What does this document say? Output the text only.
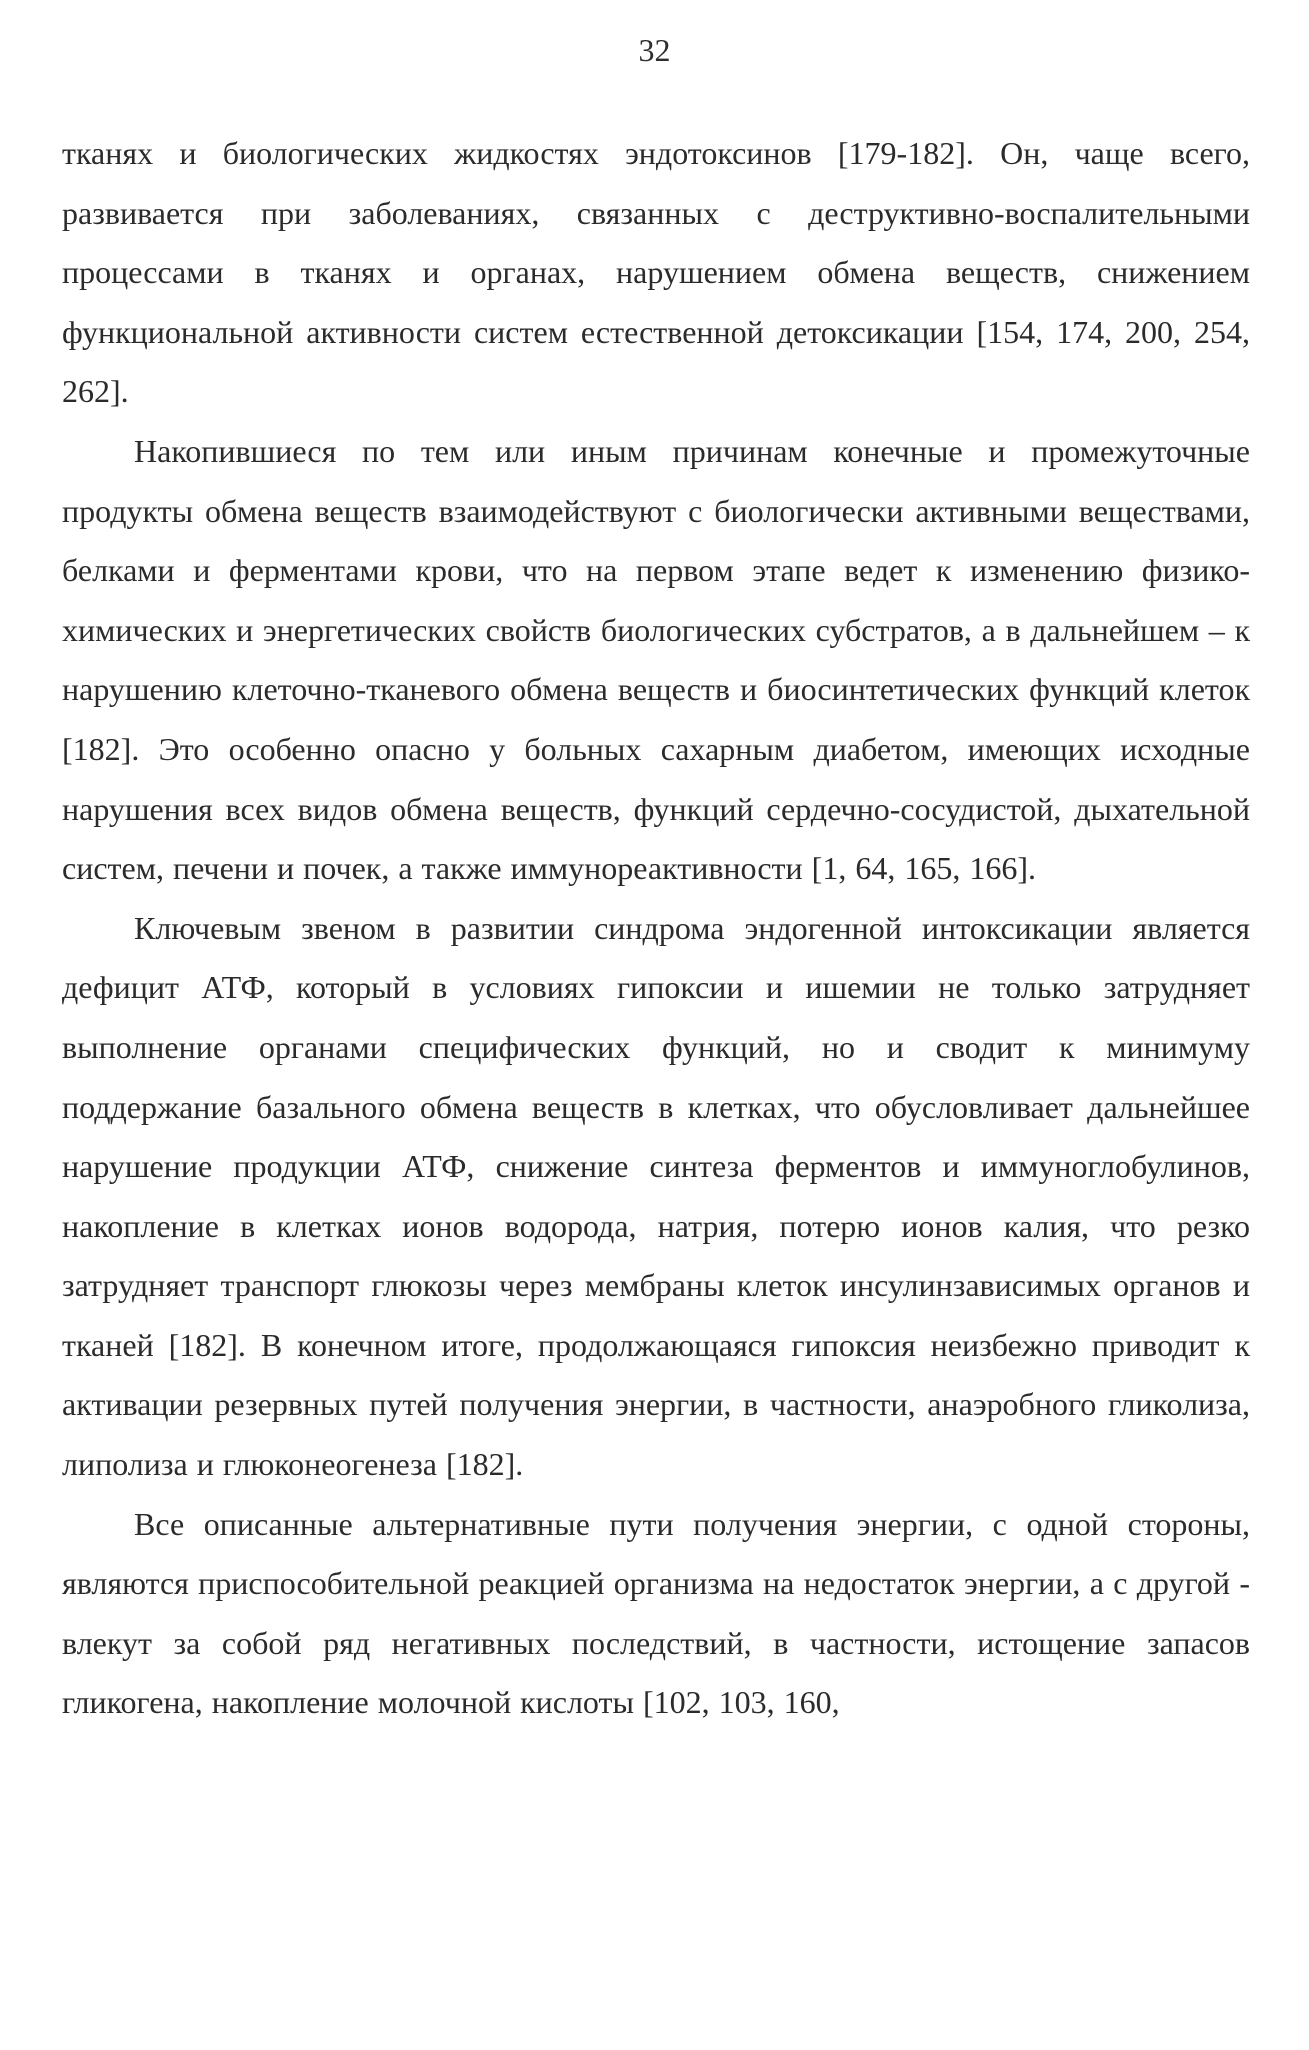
32

тканях и биологических жидкостях эндотоксинов [179-182]. Он, чаще всего, развивается при заболеваниях, связанных с деструктивно-воспалительными процессами в тканях и органах, нарушением обмена веществ, снижением функциональной активности систем естественной детоксикации [154, 174, 200, 254, 262].

Накопившиеся по тем или иным причинам конечные и промежуточные продукты обмена веществ взаимодействуют с биологически активными веществами, белками и ферментами крови, что на первом этапе ведет к изменению физико-химических и энергетических свойств биологических субстратов, а в дальнейшем – к нарушению клеточно-тканевого обмена веществ и биосинтетических функций клеток [182]. Это особенно опасно у больных сахарным диабетом, имеющих исходные нарушения всех видов обмена веществ, функций сердечно-сосудистой, дыхательной систем, печени и почек, а также иммунореактивности [1, 64, 165, 166].

Ключевым звеном в развитии синдрома эндогенной интоксикации является дефицит АТФ, который в условиях гипоксии и ишемии не только затрудняет выполнение органами специфических функций, но и сводит к минимуму поддержание базального обмена веществ в клетках, что обусловливает дальнейшее нарушение продукции АТФ, снижение синтеза ферментов и иммуноглобулинов, накопление в клетках ионов водорода, натрия, потерю ионов калия, что резко затрудняет транспорт глюкозы через мембраны клеток инсулинзависимых органов и тканей [182]. В конечном итоге, продолжающаяся гипоксия неизбежно приводит к активации резервных путей получения энергии, в частности, анаэробного гликолиза, липолиза и глюконеогенеза [182].

Все описанные альтернативные пути получения энергии, с одной стороны, являются приспособительной реакцией организма на недостаток энергии, а с другой - влекут за собой ряд негативных последствий, в частности, истощение запасов гликогена, накопление молочной кислоты [102, 103, 160,
